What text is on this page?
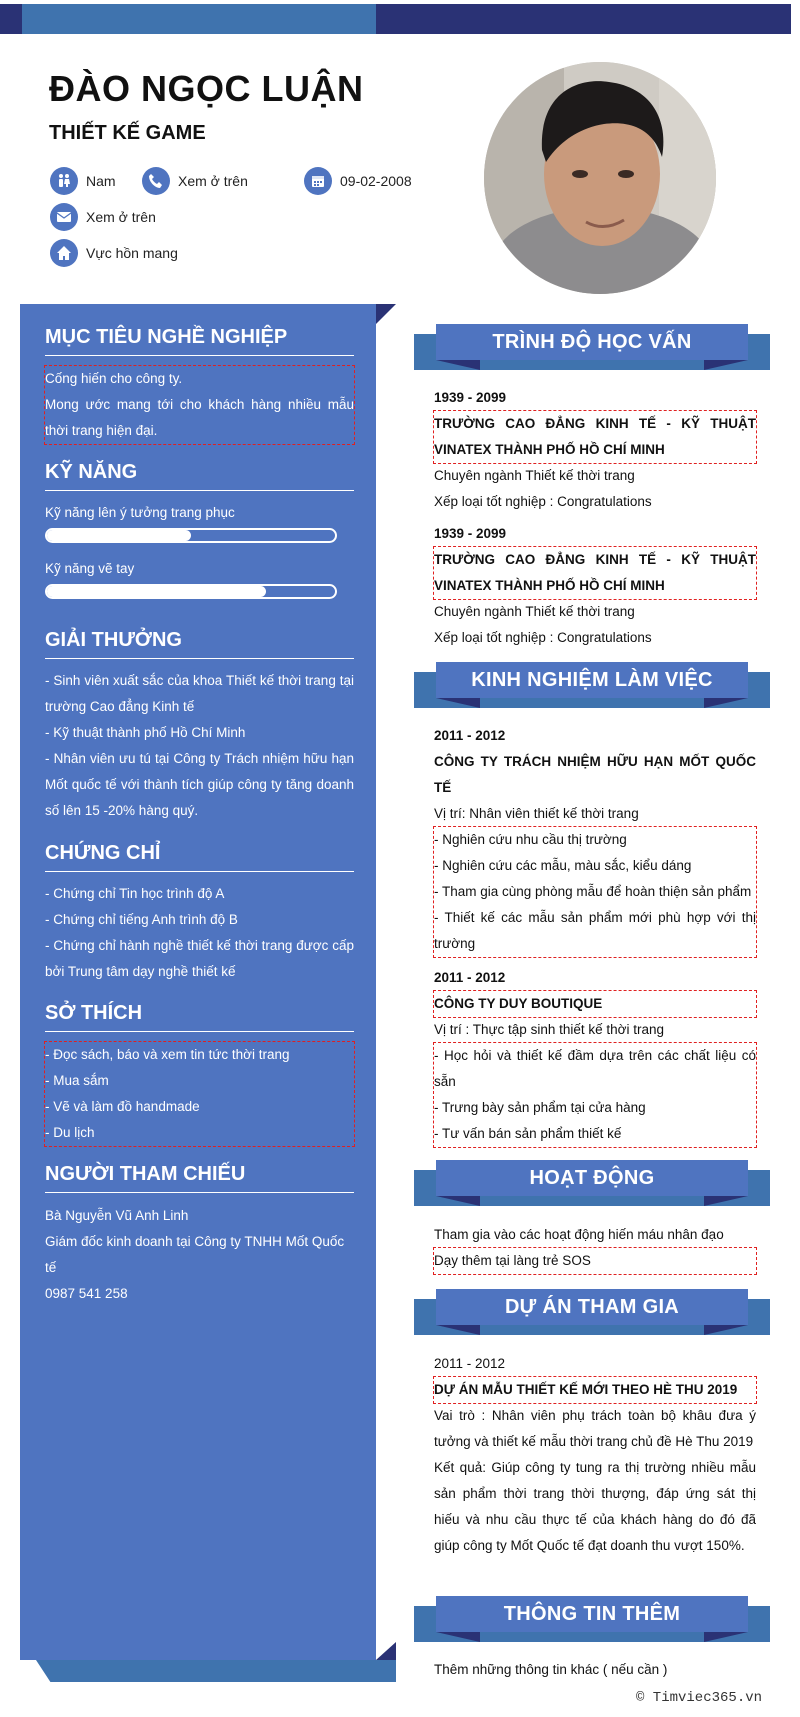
ĐÀO NGỌC LUẬN
THIẾT KẾ GAME
Nam	Xem ở trên	09-02-2008
Xem ở trên
Vực hồn mang
MỤC TIÊU NGHỀ NGHIỆP
Cống hiến cho công ty.
Mong ước mang tới cho khách hàng nhiều mẫu thời trang hiện đại.
KỸ NĂNG
Kỹ năng lên ý tưởng trang phục
Kỹ năng vẽ tay
GIẢI THƯỞNG
- Sinh viên xuất sắc của khoa Thiết kế thời trang tại trường Cao đẳng Kinh tế
- Kỹ thuật thành phố Hồ Chí Minh
- Nhân viên ưu tú tại Công ty Trách nhiệm hữu hạn Mốt quốc tế với thành tích giúp công ty tăng doanh số lên 15 -20% hàng quý.
CHỨNG CHỈ
- Chứng chỉ Tin học trình độ A
- Chứng chỉ tiếng Anh trình độ B
- Chứng chỉ hành nghề thiết kế thời trang được cấp bởi Trung tâm dạy nghề thiết kế
SỞ THÍCH
- Đọc sách, báo và xem tin tức thời trang
- Mua sắm
- Vẽ và làm đồ handmade
- Du lịch
NGƯỜI THAM CHIẾU
Bà Nguyễn Vũ Anh Linh
Giám đốc kinh doanh tại Công ty TNHH Mốt Quốc tế
0987 541 258
TRÌNH ĐỘ HỌC VẤN
1939 - 2099
TRƯỜNG CAO ĐẲNG KINH TẾ - KỸ THUẬT VINATEX THÀNH PHỐ HỒ CHÍ MINH
Chuyên ngành Thiết kế thời trang
Xếp loại tốt nghiệp : Congratulations
1939 - 2099
TRƯỜNG CAO ĐẲNG KINH TẾ - KỸ THUẬT VINATEX THÀNH PHỐ HỒ CHÍ MINH
Chuyên ngành Thiết kế thời trang
Xếp loại tốt nghiệp : Congratulations
KINH NGHIỆM LÀM VIỆC
2011 - 2012
CÔNG TY TRÁCH NHIỆM HỮU HẠN MỐT QUỐC TẾ
Vị trí: Nhân viên thiết kế thời trang
- Nghiên cứu nhu cầu thị trường
- Nghiên cứu các mẫu, màu sắc, kiểu dáng
- Tham gia cùng phòng mẫu để hoàn thiện sản phẩm
- Thiết kế các mẫu sản phẩm mới phù hợp với thị trường
2011 - 2012
CÔNG TY DUY BOUTIQUE
Vị trí : Thực tập sinh thiết kế thời trang
- Học hỏi và thiết kế đầm dựa trên các chất liệu có sẵn
- Trưng bày sản phẩm tại cửa hàng
- Tư vấn bán sản phẩm thiết kế
HOẠT ĐỘNG
Tham gia vào các hoạt động hiến máu nhân đạo
Dạy thêm tại làng trẻ SOS
DỰ ÁN THAM GIA
2011 - 2012
DỰ ÁN MẪU THIẾT KẾ MỚI THEO HÈ THU 2019
Vai trò : Nhân viên phụ trách toàn bộ khâu đưa ý tưởng và thiết kế mẫu thời trang chủ đề Hè Thu 2019
Kết quả: Giúp công ty tung ra thị trường nhiều mẫu sản phẩm thời trang thời thượng, đáp ứng sát thị hiếu và nhu cầu thực tế của khách hàng do đó đã giúp công ty Mốt Quốc tế đạt doanh thu vượt 150%.
THÔNG TIN THÊM
Thêm những thông tin khác ( nếu cần )
© Timviec365.vn
